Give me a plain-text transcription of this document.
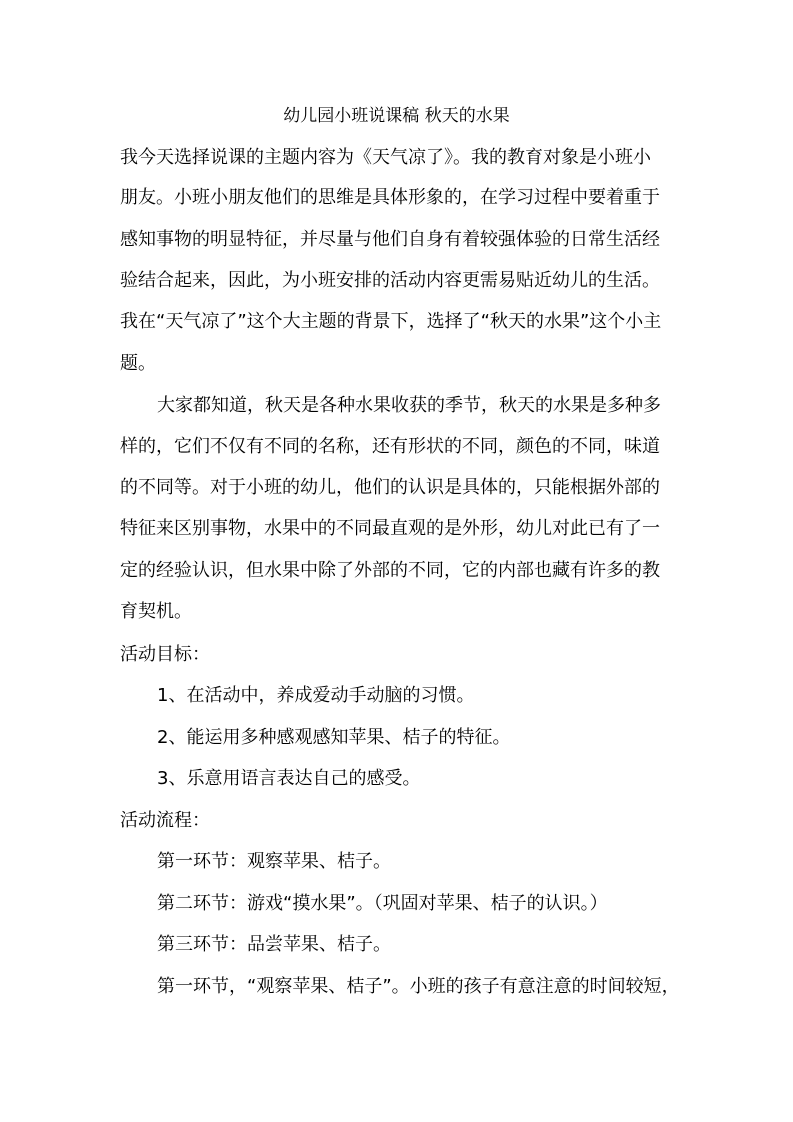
幼儿园小班说课稿 秋天的水果
我今天选择说课的主题内容为《天气凉了》。我的教育对象是小班小
朋友。小班小朋友他们的思维是具体形象的，在学习过程中要着重于
感知事物的明显特征，并尽量与他们自身有着较强体验的日常生活经
验结合起来，因此，为小班安排的活动内容更需易贴近幼儿的生活。
我在“天气凉了”这个大主题的背景下，选择了“秋天的水果”这个小主
题。
大家都知道，秋天是各种水果收获的季节，秋天的水果是多种多
样的，它们不仅有不同的名称，还有形状的不同，颜色的不同，味道
的不同等。对于小班的幼儿，他们的认识是具体的，只能根据外部的
特征来区别事物，水果中的不同最直观的是外形，幼儿对此已有了一
定的经验认识，但水果中除了外部的不同，它的内部也藏有许多的教
育契机。
活动目标：
1、在活动中，养成爱动手动脑的习惯。
2、能运用多种感观感知苹果、桔子的特征。
3、乐意用语言表达自己的感受。
活动流程：
第一环节：观察苹果、桔子。
第二环节：游戏“摸水果”。（巩固对苹果、桔子的认识。）
第三环节：品尝苹果、桔子。
第一环节，“观察苹果、桔子”。小班的孩子有意注意的时间较短，
